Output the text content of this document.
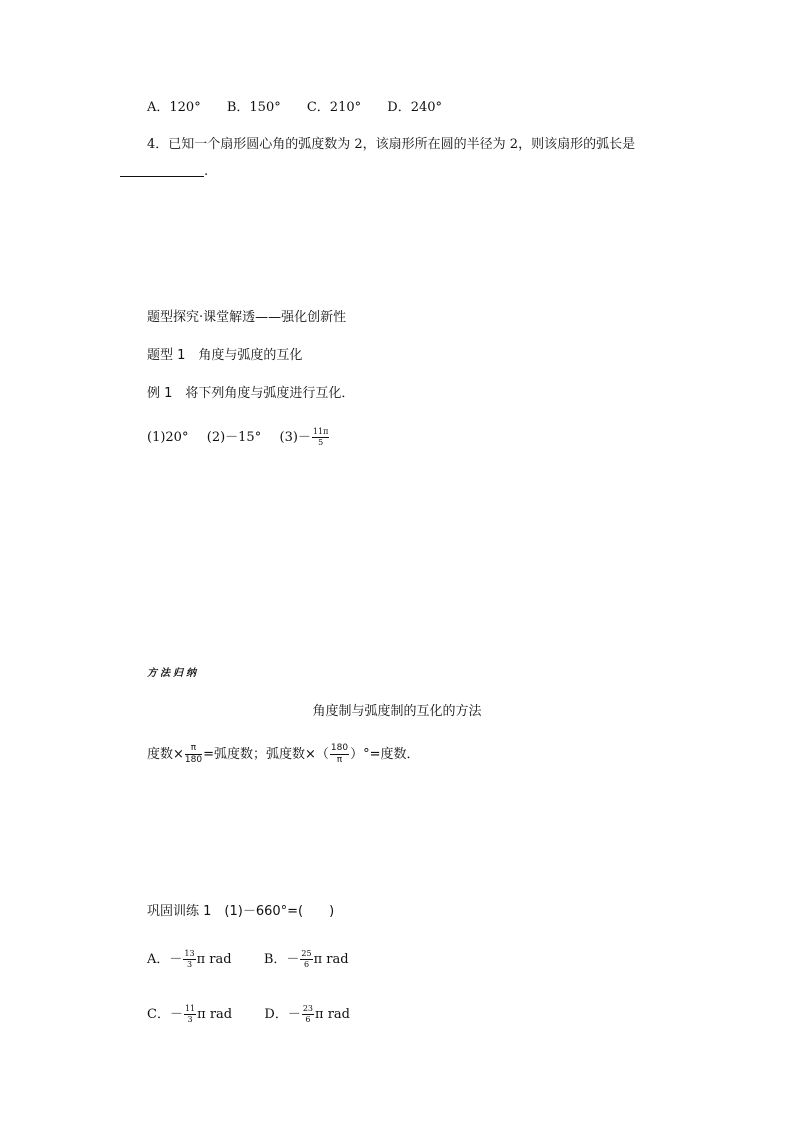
A．120° B．150° C．210° D．240°
4．已知一个扇形圆心角的弧度数为 2，该扇形所在圆的半径为 2，则该扇形的弧长是
.
题型探究·课堂解透——强化创新性
题型 1　角度与弧度的互化
例 1　将下列角度与弧度进行互化．
(1)20° (2)－15° $(3)- \frac{11\pi}{5}$
方法归纳
角度制与弧度制的互化的方法
度数× $\frac{\pi}{180}$ =弧度数；弧度数×（ $\frac{180}{\pi}$ ）°=度数．
巩固训练 1　(1)－660°=(　　)
A．－ $\frac{13}{3}$ π rad B．－ $\frac{25}{6}$ π rad
C．－ $\frac{11}{3}$ π rad D．－ $\frac{23}{6}$ π rad
